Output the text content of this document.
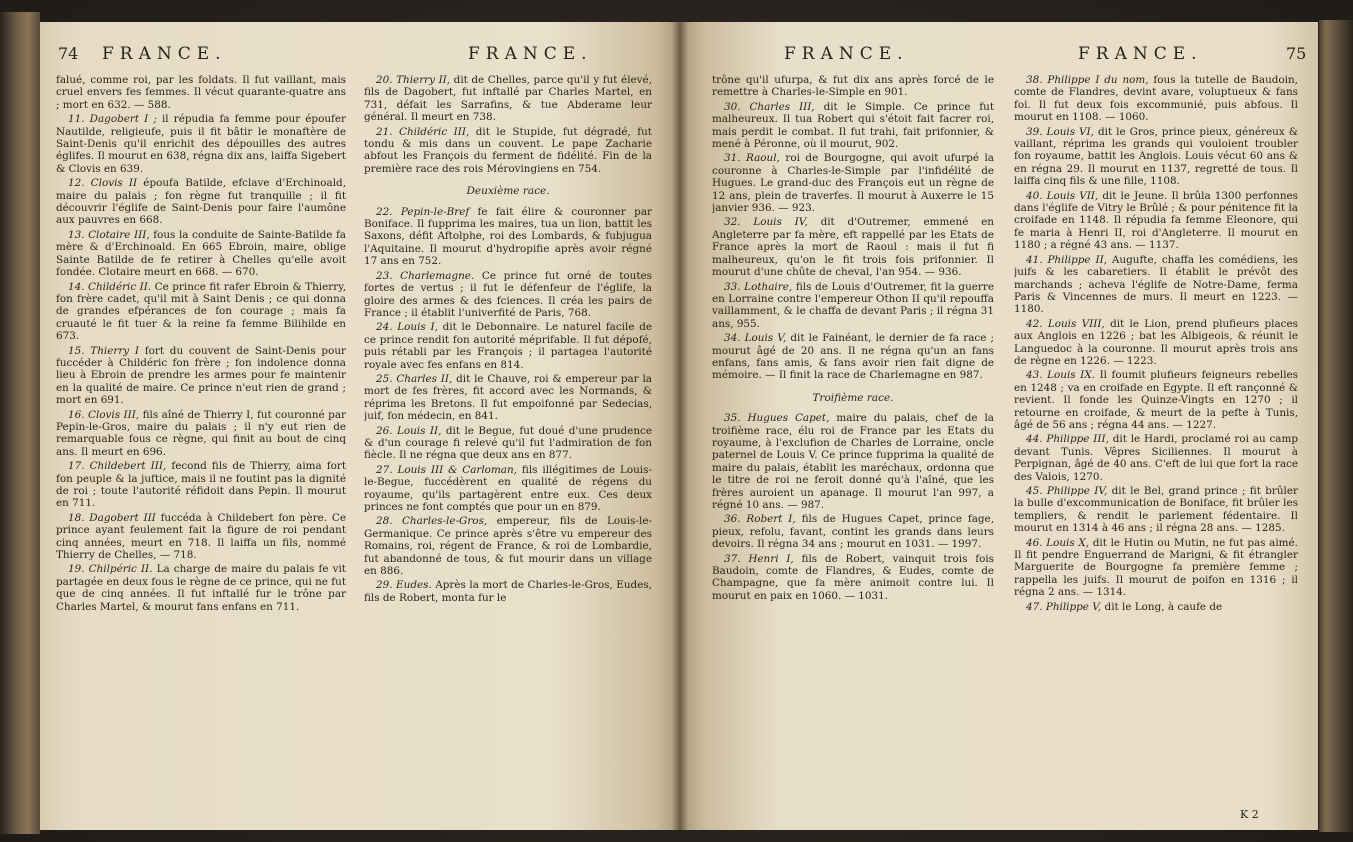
74 FRANCE.	FRANCE.

falué, comme roi, par les foldats. Il fut vaillant, mais cruel envers fes femmes. Il vécut quarante-quatre ans ; mort en 632. — 588.

11. Dagobert I ; il répudia fa femme pour époufer Nautilde, religieufe, puis il fit bâtir le monaftère de Saint-Denis qu'il enrichit des dépouilles des autres églifes. Il mourut en 638, régna dix ans, laiffa Sigebert & Clovis en 639.

12. Clovis II époufa Batilde, efclave d'Erchinoald, maire du palais ; fon règne fut tranquille ; il fit découvrir l'églife de Saint-Denis pour faire l'aumône aux pauvres en 668.

13. Clotaire III, fous la conduite de Sainte-Batilde fa mère & d'Erchinoald. En 665 Ebroin, maire, oblige Sainte Batilde de fe retirer à Chelles qu'elle avoit fondée. Clotaire meurt en 668. — 670.

14. Childéric II. Ce prince fit rafer Ebroin & Thierry, fon frère cadet, qu'il mit à Saint Denis ; ce qui donna de grandes efpérances de fon courage ; mais fa cruauté le fit tuer & la reine fa femme Bilihilde en 673.

15. Thierry I fort du couvent de Saint-Denis pour fuccéder à Childéric fon frère ; fon indolence donna lieu à Ebroin de prendre les armes pour fe maintenir en la qualité de maire. Ce prince n'eut rien de grand ; mort en 691.

16. Clovis III, fils aîné de Thierry I, fut couronné par Pepin-le-Gros, maire du palais ; il n'y eut rien de remarquable fous ce règne, qui finit au bout de cinq ans. Il meurt en 696.

17. Childebert III, fecond fils de Thierry, aima fort fon peuple & la juftice, mais il ne foutint pas la dignité de roi ; toute l'autorité réfidoit dans Pepin. Il mourut en 711.

18. Dagobert III fuccéda à Childebert fon père. Ce prince ayant feulement fait la figure de roi pendant cinq années, meurt en 718. Il laiffa un fils, nommé Thierry de Chelles, — 718.

19. Chilpéric II. La charge de maire du palais fe vit partagée en deux fous le règne de ce prince, qui ne fut que de cinq années. Il fut inftallé fur le trône par Charles Martel, & mourut fans enfans en 711.

20. Thierry II, dit de Chelles, parce qu'il y fut élevé, fils de Dagobert, fut inftallé par Charles Martel, en 731, défait les Sarrafins, & tue Abderame leur général. Il meurt en 738.

21. Childéric III, dit le Stupide, fut dégradé, fut tondu & mis dans un couvent. Le pape Zacharie abfout les François du ferment de fidélité. Fin de la première race des rois Mérovingiens en 754.

Deuxième race.

22. Pepin-le-Bref fe fait élire & couronner par Boniface. Il fupprima les maires, tua un lion, battit les Saxons, défit Aftolphe, roi des Lombards, & fubjugua l'Aquitaine. Il mourut d'hydropifie après avoir régné 17 ans en 752.

23. Charlemagne. Ce prince fut orné de toutes fortes de vertus ; il fut le défenfeur de l'églife, la gloire des armes & des fciences. Il créa les pairs de France ; il établit l'univerfité de Paris, 768.

24. Louis I, dit le Debonnaire. Le naturel facile de ce prince rendit fon autorité méprifable. Il fut dépofé, puis rétabli par les François ; il partagea l'autorité royale avec fes enfans en 814.

25. Charles II, dit le Chauve, roi & empereur par la mort de fes frères, fit accord avec les Normands, & réprima les Bretons. Il fut empoifonné par Sedecias, juif, fon médecin, en 841.

26. Louis II, dit le Begue, fut doué d'une prudence & d'un courage fi relevé qu'il fut l'admiration de fon fiècle. Il ne régna que deux ans en 877.

27. Louis III & Carloman, fils illégitimes de Louis-le-Begue, fuccédèrent en qualité de régens du royaume, qu'ils partagèrent entre eux. Ces deux princes ne font comptés que pour un en 879.

28. Charles-le-Gros, empereur, fils de Louis-le-Germanique. Ce prince après s'être vu empereur des Romains, roi, régent de France, & roi de Lombardie, fut abandonné de tous, & fut mourir dans un village en 886.

29. Eudes. Après la mort de Charles-le-Gros, Eudes, fils de Robert, monta fur le

FRANCE.	FRANCE.	75

trône qu'il ufurpa, & fut dix ans après forcé de le remettre à Charles-le-Simple en 901.

30. Charles III, dit le Simple. Ce prince fut malheureux. Il tua Robert qui s'étoit fait facrer roi, mais perdit le combat. Il fut trahi, fait prifonnier, & mené à Péronne, où il mourut, 902.

31. Raoul, roi de Bourgogne, qui avoit ufurpé la couronne à Charles-le-Simple par l'infidélité de Hugues. Le grand-duc des François eut un règne de 12 ans, plein de traverfes. Il mourut à Auxerre le 15 janvier 936. — 923.

32. Louis IV, dit d'Outremer, emmené en Angleterre par fa mère, eft rappellé par les Etats de France après la mort de Raoul : mais il fut fi malheureux, qu'on le fit trois fois prifonnier. Il mourut d'une chûte de cheval, l'an 954. — 936.

33. Lothaire, fils de Louis d'Outremer, fit la guerre en Lorraine contre l'empereur Othon II qu'il repouffa vaillamment, & le chaffa de devant Paris ; il régna 31 ans, 955.

34. Louis V, dit le Fainéant, le dernier de fa race ; mourut âgé de 20 ans. Il ne régna qu'un an fans enfans, fans amis, & fans avoir rien fait digne de mémoire. — Il finit la race de Charlemagne en 987.

Troifième race.

35. Hugues Capet, maire du palais, chef de la troifième race, élu roi de France par les Etats du royaume, à l'exclufion de Charles de Lorraine, oncle paternel de Louis V. Ce prince fupprima la qualité de maire du palais, établit les maréchaux, ordonna que le titre de roi ne feroit donné qu'à l'aîné, que les frères auroient un apanage. Il mourut l'an 997, a régné 10 ans. — 987.

36. Robert I, fils de Hugues Capet, prince fage, pieux, refolu, favant, contint les grands dans leurs devoirs. Il régna 34 ans ; mourut en 1031. — 1997.

37. Henri I, fils de Robert, vainquit trois fois Baudoin, comte de Flandres, & Eudes, comte de Champagne, que fa mère animoit contre lui. Il mourut en paix en 1060. — 1031.

38. Philippe I du nom, fous la tutelle de Baudoin, comte de Flandres, devint avare, voluptueux & fans foi. Il fut deux fois excommunié, puis abfous. Il mourut en 1108. — 1060.

39. Louis VI, dit le Gros, prince pieux, généreux & vaillant, réprima les grands qui vouloient troubler fon royaume, battit les Anglois. Louis vécut 60 ans & en régna 29. Il mourut en 1137, regretté de tous. Il laiffa cinq fils & une fille, 1108.

40. Louis VII, dit le Jeune. Il brûla 1300 perfonnes dans l'églife de Vitry le Brûlé ; & pour pénitence fit la croifade en 1148. Il répudia fa femme Eleonore, qui fe maria à Henri II, roi d'Angleterre. Il mourut en 1180 ; a régné 43 ans. — 1137.

41. Philippe II, Augufte, chaffa les comédiens, les juifs & les cabaretiers. Il établit le prévôt des marchands ; acheva l'églife de Notre-Dame, ferma Paris & Vincennes de murs. Il meurt en 1223. — 1180.

42. Louis VIII, dit le Lion, prend plufieurs places aux Anglois en 1226 ; bat les Albigeois, & réunit le Languedoc à la couronne. Il mourut après trois ans de règne en 1226. — 1223.

43. Louis IX. Il foumit plufieurs feigneurs rebelles en 1248 ; va en croifade en Egypte. Il eft rançonné & revient. Il fonde les Quinze-Vingts en 1270 ; il retourne en croifade, & meurt de la pefte à Tunis, âgé de 56 ans ; régna 44 ans. — 1227.

44. Philippe III, dit le Hardi, proclamé roi au camp devant Tunis. Vêpres Siciliennes. Il mourut à Perpignan, âgé de 40 ans. C'eft de lui que fort la race des Valois, 1270.

45. Philippe IV, dit le Bel, grand prince ; fit brûler la bulle d'excommunication de Boniface, fit brûler les templiers, & rendit le parlement fédentaire. Il mourut en 1314 à 46 ans ; il régna 28 ans. — 1285.

46. Louis X, dit le Hutin ou Mutin, ne fut pas aimé. Il fit pendre Enguerrand de Marigni, & fit étrangler Marguerite de Bourgogne fa première femme ; rappella les juifs. Il mourut de poifon en 1316 ; il régna 2 ans. — 1314.

47. Philippe V, dit le Long, à caufe de

K 2
